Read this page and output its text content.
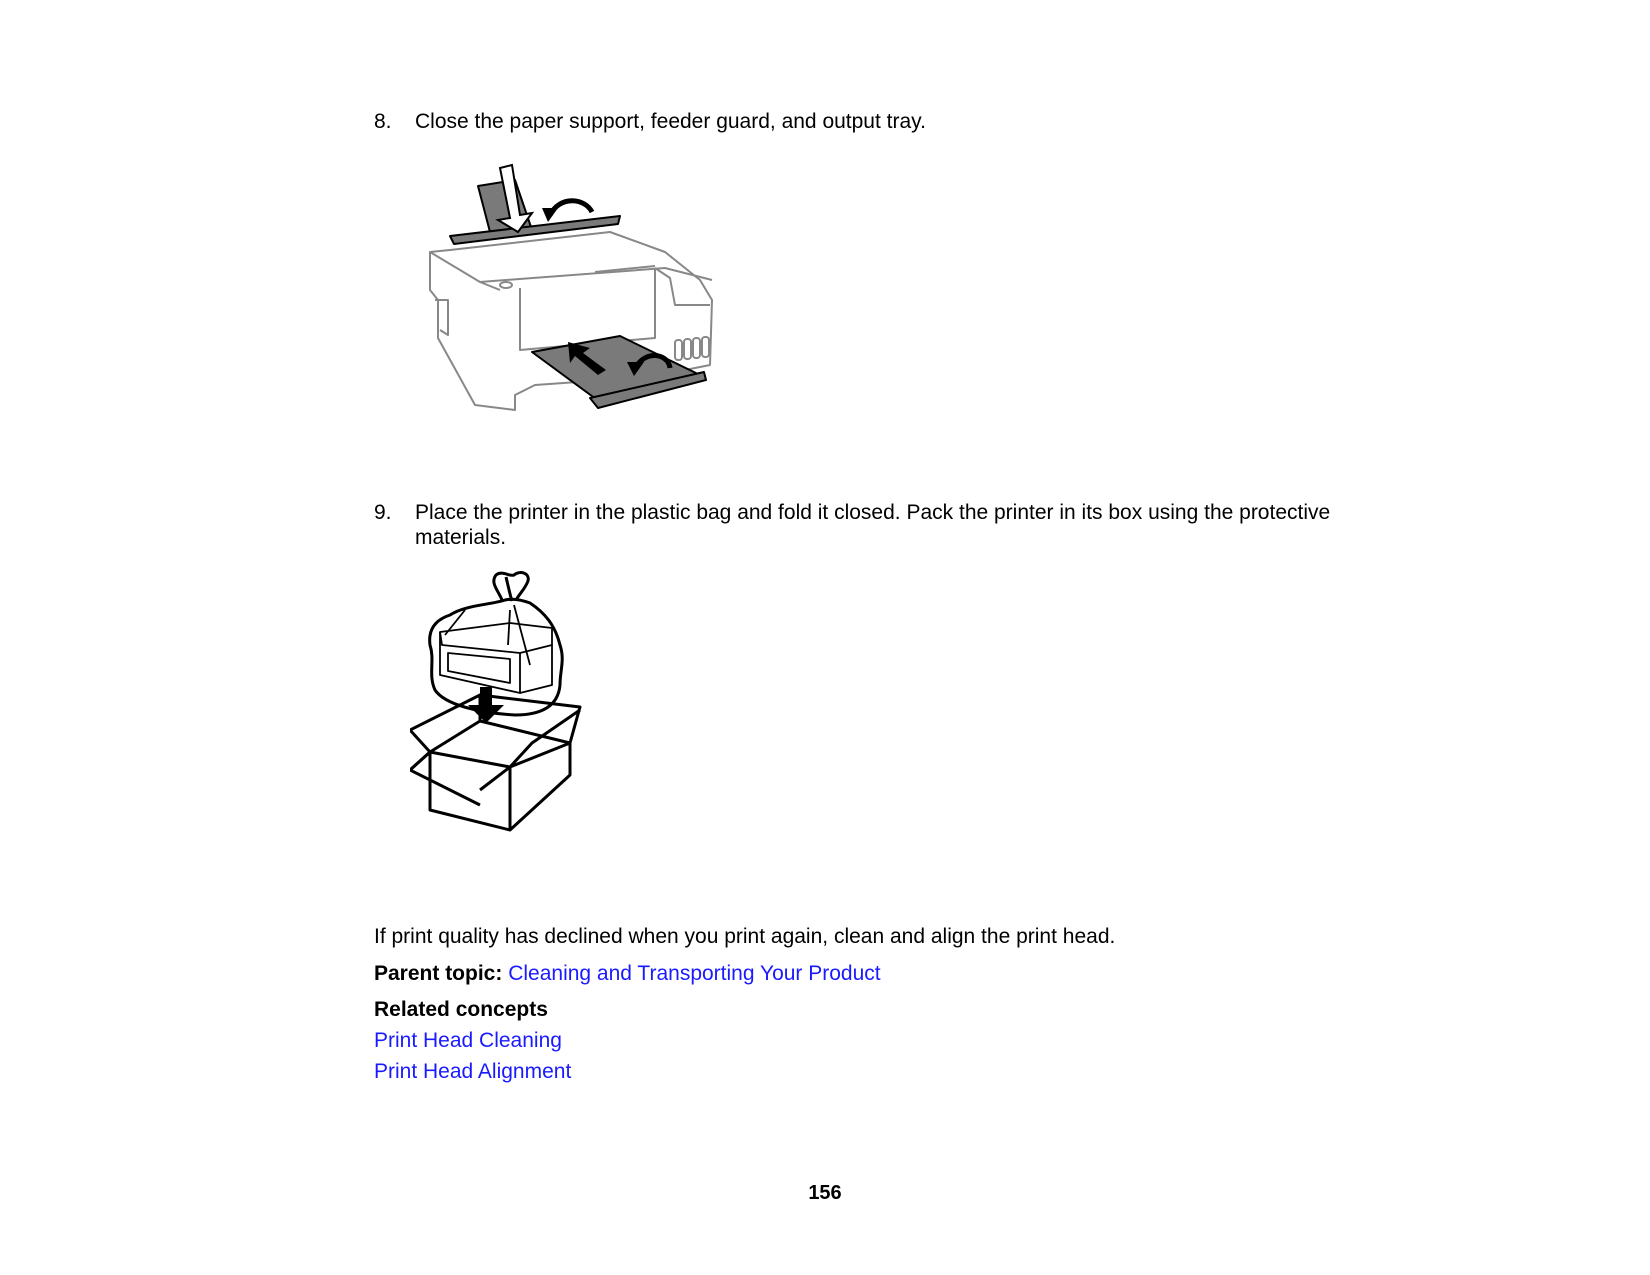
8. Close the paper support, feeder guard, and output tray.
9. Place the printer in the plastic bag and fold it closed. Pack the printer in its box using the protective materials.
If print quality has declined when you print again, clean and align the print head.
Parent topic: Cleaning and Transporting Your Product
Related concepts
Print Head Cleaning
Print Head Alignment
156
